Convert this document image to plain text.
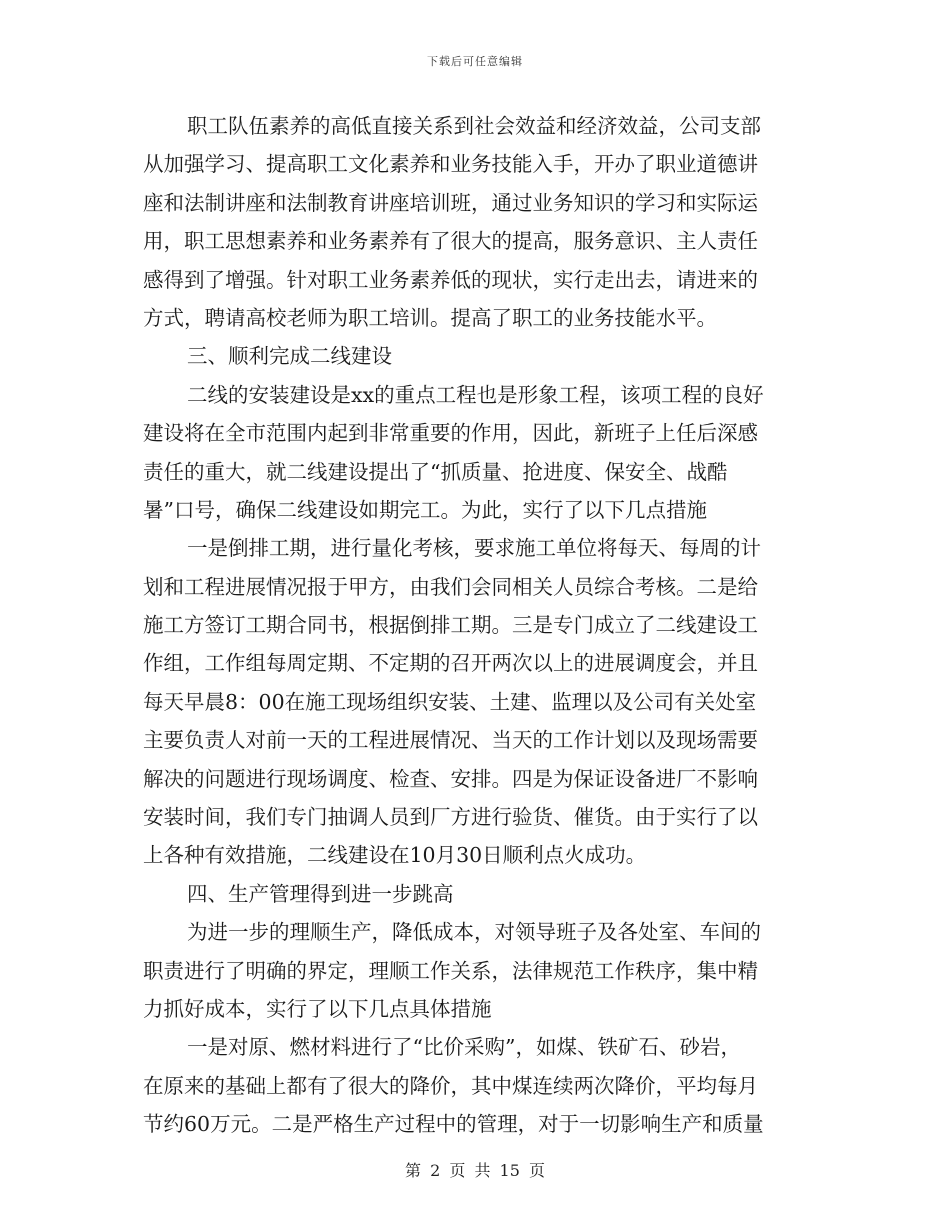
下载后可任意编辑
职工队伍素养的高低直接关系到社会效益和经济效益，公司支部
从加强学习、提高职工文化素养和业务技能入手，开办了职业道德讲
座和法制讲座和法制教育讲座培训班，通过业务知识的学习和实际运
用，职工思想素养和业务素养有了很大的提高，服务意识、主人责任
感得到了增强。针对职工业务素养低的现状，实行走出去，请进来的
方式，聘请高校老师为职工培训。提高了职工的业务技能水平。
三、顺利完成二线建设
二线的安装建设是xx的重点工程也是形象工程，该项工程的良好
建设将在全市范围内起到非常重要的作用，因此，新班子上任后深感
责任的重大，就二线建设提出了“抓质量、抢进度、保安全、战酷
暑”口号，确保二线建设如期完工。为此，实行了以下几点措施
一是倒排工期，进行量化考核，要求施工单位将每天、每周的计
划和工程进展情况报于甲方，由我们会同相关人员综合考核。二是给
施工方签订工期合同书，根据倒排工期。三是专门成立了二线建设工
作组，工作组每周定期、不定期的召开两次以上的进展调度会，并且
每天早晨8：00在施工现场组织安装、土建、监理以及公司有关处室
主要负责人对前一天的工程进展情况、当天的工作计划以及现场需要
解决的问题进行现场调度、检查、安排。四是为保证设备进厂不影响
安装时间，我们专门抽调人员到厂方进行验货、催货。由于实行了以
上各种有效措施，二线建设在10月30日顺利点火成功。
四、生产管理得到进一步跳高
为进一步的理顺生产，降低成本，对领导班子及各处室、车间的
职责进行了明确的界定，理顺工作关系，法律规范工作秩序，集中精
力抓好成本，实行了以下几点具体措施
一是对原、燃材料进行了“比价采购”，如煤、铁矿石、砂岩，
在原来的基础上都有了很大的降价，其中煤连续两次降价，平均每月
节约60万元。二是严格生产过程中的管理，对于一切影响生产和质量
第 2 页 共 15 页
